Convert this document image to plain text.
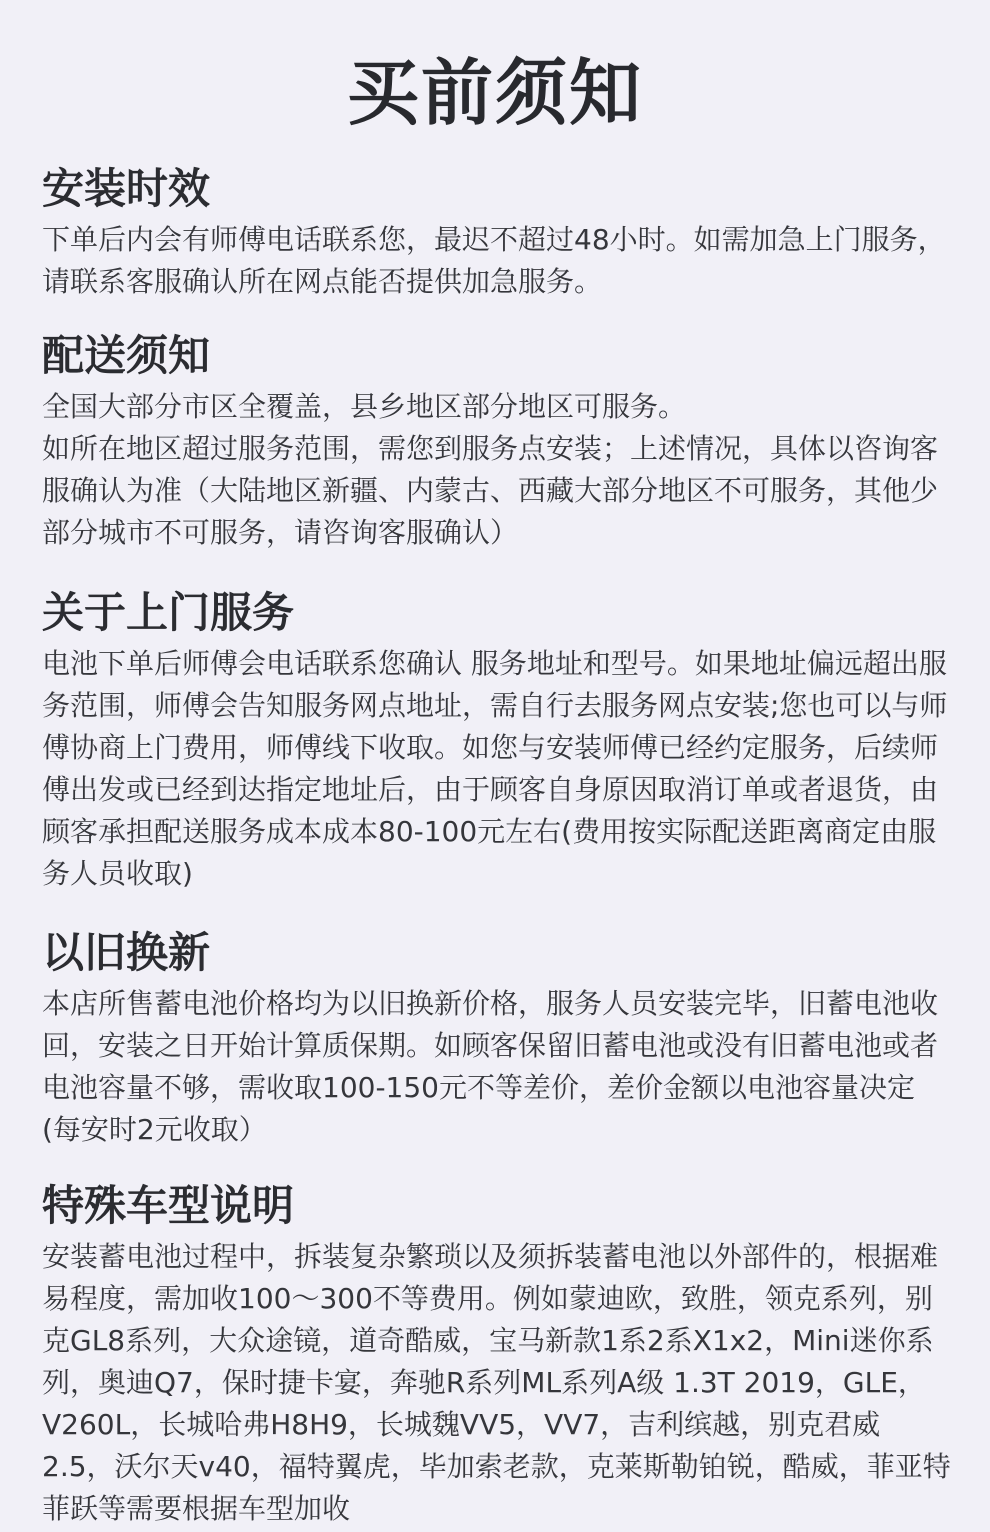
买前须知
安装时效

下单后内会有师傅电话联系您，最迟不超过48小时。如需加急上门服务，请联系客服确认所在网点能否提供加急服务。

配送须知

全国大部分市区全覆盖，县乡地区部分地区可服务。

如所在地区超过服务范围，需您到服务点安装；上述情况，具体以咨询客服确认为准（大陆地区新疆、内蒙古、西藏大部分地区不可服务，其他少部分城市不可服务，请咨询客服确认）

关于上门服务

电池下单后师傅会电话联系您确认 服务地址和型号。如果地址偏远超出服务范围，师傅会告知服务网点地址，需自行去服务网点安装;您也可以与师傅协商上门费用，师傅线下收取。如您与安装师傅已经约定服务，后续师傅出发或已经到达指定地址后，由于顾客自身原因取消订单或者退货，由顾客承担配送服务成本成本80-100元左右(费用按实际配送距离商定由服务人员收取)

以旧换新

本店所售蓄电池价格均为以旧换新价格，服务人员安装完毕，旧蓄电池收回，安装之日开始计算质保期。如顾客保留旧蓄电池或没有旧蓄电池或者电池容量不够，需收取100-150元不等差价，差价金额以电池容量决定(每安时2元收取）

特殊车型说明

安装蓄电池过程中，拆装复杂繁琐以及须拆装蓄电池以外部件的，根据难易程度，需加收100～300不等费用。例如蒙迪欧，致胜，领克系列，别克GL8系列，大众途镜，道奇酷威，宝马新款1系2系X1x2，Mini迷你系列，奥迪Q7，保时捷卡宴，奔驰R系列ML系列A级 1.3T 2019，GLE， V260L，长城哈弗H8H9，长城魏VV5，VV7，吉利缤越，别克君威2.5，沃尔天v40，福特翼虎，毕加索老款，克莱斯勒铂锐，酷威，菲亚特菲跃等需要根据车型加收
